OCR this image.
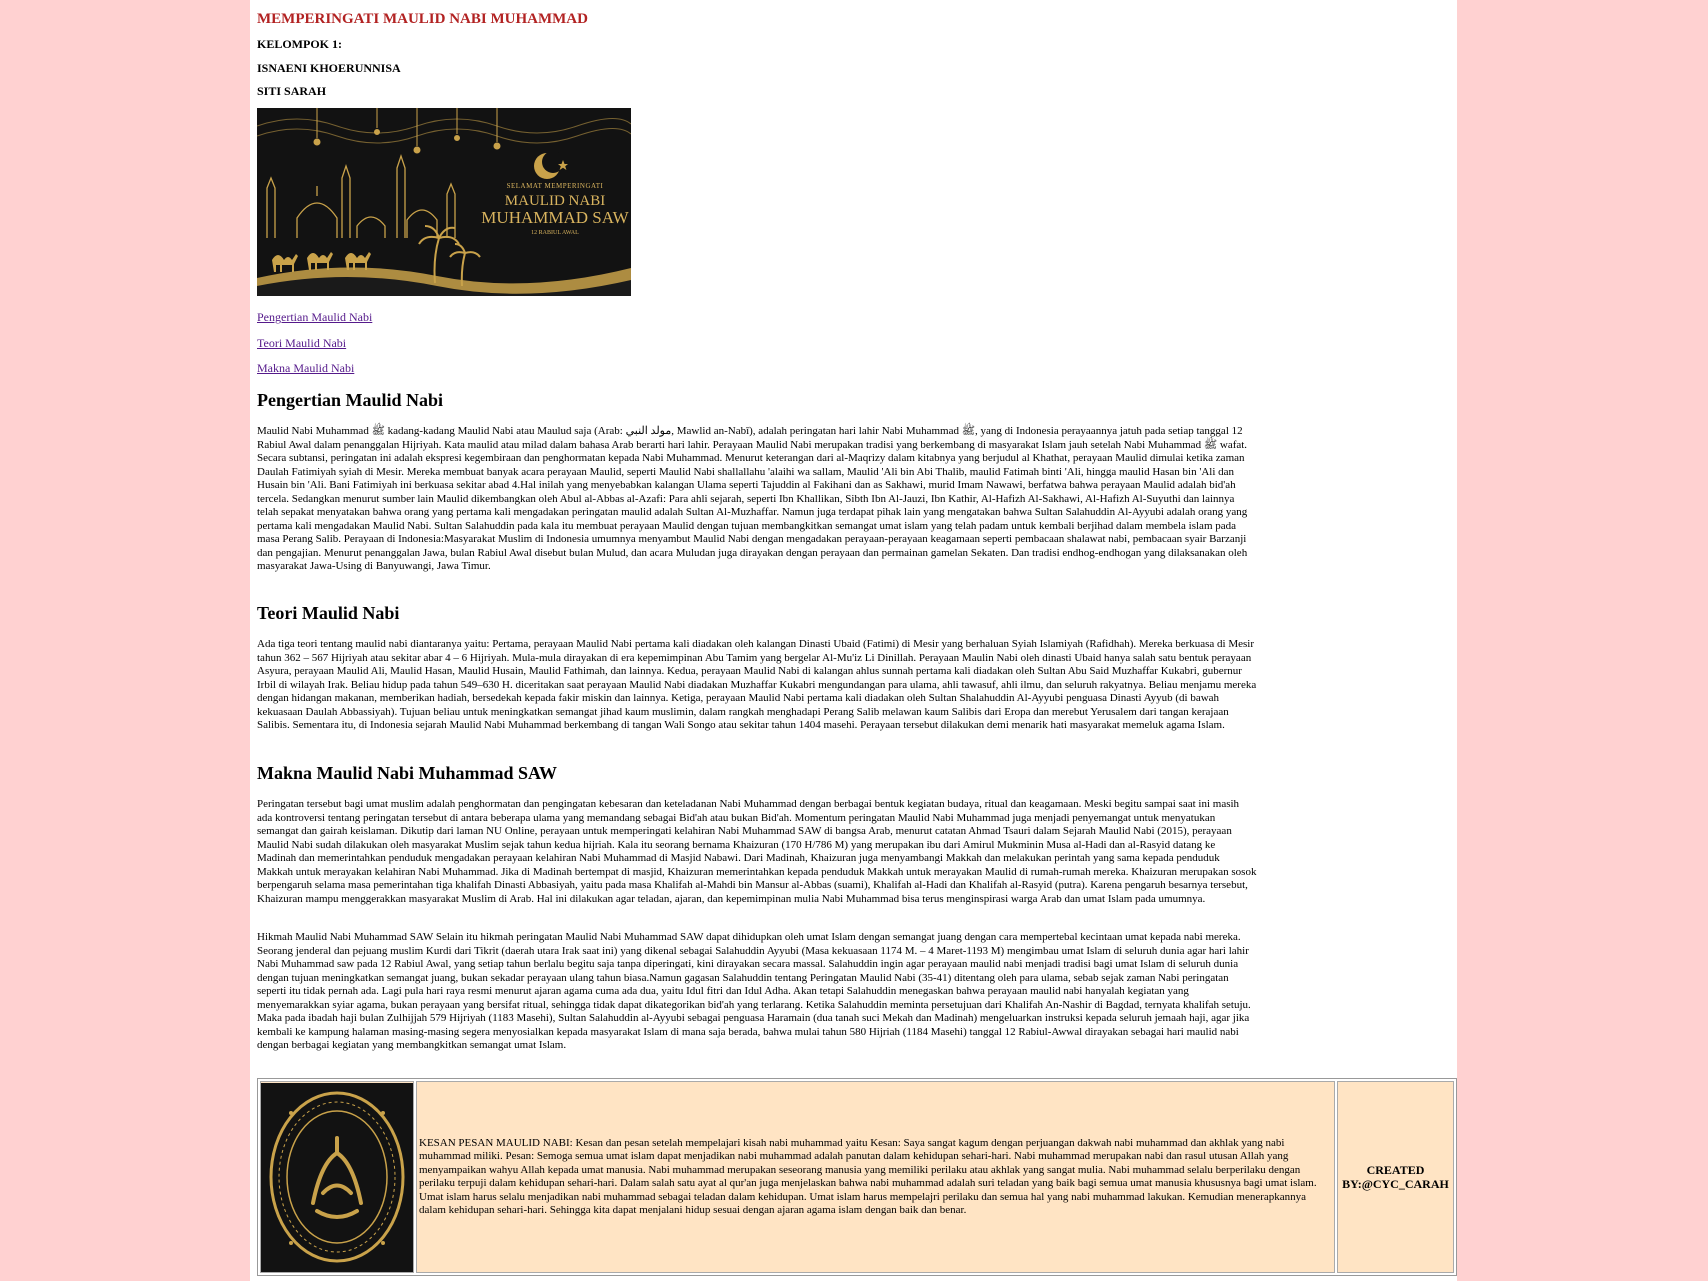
MEMPERINGATI MAULID NABI MUHAMMAD

KELOMPOK 1:

ISNAENI KHOERUNNISA

SITI SARAH

SELAMAT MEMPERINGATI
MAULID NABI
MUHAMMAD SAW
12 RABIUL AWAL
Pengertian Maulid Nabi
Teori Maulid Nabi
Makna Maulid Nabi
Pengertian Maulid Nabi

Maulid Nabi Muhammad ﷺ kadang-kadang Maulid Nabi atau Maulud saja (Arab: مولد النبي, Mawlid an-Nabī), adalah peringatan hari lahir Nabi Muhammad ﷺ, yang di Indonesia perayaannya jatuh pada setiap tanggal 12 Rabiul Awal dalam penanggalan Hijriyah. Kata maulid atau milad dalam bahasa Arab berarti hari lahir. Perayaan Maulid Nabi merupakan tradisi yang berkembang di masyarakat Islam jauh setelah Nabi Muhammad ﷺ wafat. Secara subtansi, peringatan ini adalah ekspresi kegembiraan dan penghormatan kepada Nabi Muhammad. Menurut keterangan dari al-Maqrizy dalam kitabnya yang berjudul al Khathat, perayaan Maulid dimulai ketika zaman Daulah Fatimiyah syiah di Mesir. Mereka membuat banyak acara perayaan Maulid, seperti Maulid Nabi shallallahu 'alaihi wa sallam, Maulid 'Ali bin Abi Thalib, maulid Fatimah binti 'Ali, hingga maulid Hasan bin 'Ali dan Husain bin 'Ali. Bani Fatimiyah ini berkuasa sekitar abad 4.Hal inilah yang menyebabkan kalangan Ulama seperti Tajuddin al Fakihani dan as Sakhawi, murid Imam Nawawi, berfatwa bahwa perayaan Maulid adalah bid'ah tercela. Sedangkan menurut sumber lain Maulid dikembangkan oleh Abul al-Abbas al-Azafi: Para ahli sejarah, seperti Ibn Khallikan, Sibth Ibn Al-Jauzi, Ibn Kathir, Al-Hafizh Al-Sakhawi, Al-Hafizh Al-Suyuthi dan lainnya telah sepakat menyatakan bahwa orang yang pertama kali mengadakan peringatan maulid adalah Sultan Al-Muzhaffar. Namun juga terdapat pihak lain yang mengatakan bahwa Sultan Salahuddin Al-Ayyubi adalah orang yang pertama kali mengadakan Maulid Nabi. Sultan Salahuddin pada kala itu membuat perayaan Maulid dengan tujuan membangkitkan semangat umat islam yang telah padam untuk kembali berjihad dalam membela islam pada masa Perang Salib. Perayaan di Indonesia:Masyarakat Muslim di Indonesia umumnya menyambut Maulid Nabi dengan mengadakan perayaan-perayaan keagamaan seperti pembacaan shalawat nabi, pembacaan syair Barzanji dan pengajian. Menurut penanggalan Jawa, bulan Rabiul Awal disebut bulan Mulud, dan acara Muludan juga dirayakan dengan perayaan dan permainan gamelan Sekaten. Dan tradisi endhog-endhogan yang dilaksanakan oleh masyarakat Jawa-Using di Banyuwangi, Jawa Timur.

Teori Maulid Nabi

Ada tiga teori tentang maulid nabi diantaranya yaitu: Pertama, perayaan Maulid Nabi pertama kali diadakan oleh kalangan Dinasti Ubaid (Fatimi) di Mesir yang berhaluan Syiah Islamiyah (Rafidhah). Mereka berkuasa di Mesir tahun 362 – 567 Hijriyah atau sekitar abar 4 – 6 Hijriyah. Mula-mula dirayakan di era kepemimpinan Abu Tamim yang bergelar Al-Mu'iz Li Dinillah. Perayaan Maulin Nabi oleh dinasti Ubaid hanya salah satu bentuk perayaan Asyura, perayaan Maulid Ali, Maulid Hasan, Maulid Husain, Maulid Fathimah, dan lainnya. Kedua, perayaan Maulid Nabi di kalangan ahlus sunnah pertama kali diadakan oleh Sultan Abu Said Muzhaffar Kukabri, gubernur Irbil di wilayah Irak. Beliau hidup pada tahun 549–630 H. diceritakan saat perayaan Maulid Nabi diadakan Muzhaffar Kukabri mengundangan para ulama, ahli tawasuf, ahli ilmu, dan seluruh rakyatnya. Beliau menjamu mereka dengan hidangan makanan, memberikan hadiah, bersedekah kepada fakir miskin dan lainnya. Ketiga, perayaan Maulid Nabi pertama kali diadakan oleh Sultan Shalahuddin Al-Ayyubi penguasa Dinasti Ayyub (di bawah kekuasaan Daulah Abbassiyah). Tujuan beliau untuk meningkatkan semangat jihad kaum muslimin, dalam rangkah menghadapi Perang Salib melawan kaum Salibis dari Eropa dan merebut Yerusalem dari tangan kerajaan Salibis. Sementara itu, di Indonesia sejarah Maulid Nabi Muhammad berkembang di tangan Wali Songo atau sekitar tahun 1404 masehi. Perayaan tersebut dilakukan demi menarik hati masyarakat memeluk agama Islam.

Makna Maulid Nabi Muhammad SAW

Peringatan tersebut bagi umat muslim adalah penghormatan dan pengingatan kebesaran dan keteladanan Nabi Muhammad dengan berbagai bentuk kegiatan budaya, ritual dan keagamaan. Meski begitu sampai saat ini masih ada kontroversi tentang peringatan tersebut di antara beberapa ulama yang memandang sebagai Bid'ah atau bukan Bid'ah. Momentum peringatan Maulid Nabi Muhammad juga menjadi penyemangat untuk menyatukan semangat dan gairah keislaman. Dikutip dari laman NU Online, perayaan untuk memperingati kelahiran Nabi Muhammad SAW di bangsa Arab, menurut catatan Ahmad Tsauri dalam Sejarah Maulid Nabi (2015), perayaan Maulid Nabi sudah dilakukan oleh masyarakat Muslim sejak tahun kedua hijriah. Kala itu seorang bernama Khaizuran (170 H/786 M) yang merupakan ibu dari Amirul Mukminin Musa al-Hadi dan al-Rasyid datang ke Madinah dan memerintahkan penduduk mengadakan perayaan kelahiran Nabi Muhammad di Masjid Nabawi. Dari Madinah, Khaizuran juga menyambangi Makkah dan melakukan perintah yang sama kepada penduduk Makkah untuk merayakan kelahiran Nabi Muhammad. Jika di Madinah bertempat di masjid, Khaizuran memerintahkan kepada penduduk Makkah untuk merayakan Maulid di rumah-rumah mereka. Khaizuran merupakan sosok berpengaruh selama masa pemerintahan tiga khalifah Dinasti Abbasiyah, yaitu pada masa Khalifah al-Mahdi bin Mansur al-Abbas (suami), Khalifah al-Hadi dan Khalifah al-Rasyid (putra). Karena pengaruh besarnya tersebut, Khaizuran mampu menggerakkan masyarakat Muslim di Arab. Hal ini dilakukan agar teladan, ajaran, dan kepemimpinan mulia Nabi Muhammad bisa terus menginspirasi warga Arab dan umat Islam pada umumnya.

Hikmah Maulid Nabi Muhammad SAW Selain itu hikmah peringatan Maulid Nabi Muhammad SAW dapat dihidupkan oleh umat Islam dengan semangat juang dengan cara mempertebal kecintaan umat kepada nabi mereka. Seorang jenderal dan pejuang muslim Kurdi dari Tikrit (daerah utara Irak saat ini) yang dikenal sebagai Salahuddin Ayyubi (Masa kekuasaan 1174 M. – 4 Maret-1193 M) mengimbau umat Islam di seluruh dunia agar hari lahir Nabi Muhammad saw pada 12 Rabiul Awal, yang setiap tahun berlalu begitu saja tanpa diperingati, kini dirayakan secara massal. Salahuddin ingin agar perayaan maulid nabi menjadi tradisi bagi umat Islam di seluruh dunia dengan tujuan meningkatkan semangat juang, bukan sekadar perayaan ulang tahun biasa.Namun gagasan Salahuddin tentang Peringatan Maulid Nabi (35-41) ditentang oleh para ulama, sebab sejak zaman Nabi peringatan seperti itu tidak pernah ada. Lagi pula hari raya resmi menurut ajaran agama cuma ada dua, yaitu Idul fitri dan Idul Adha. Akan tetapi Salahuddin menegaskan bahwa perayaan maulid nabi hanyalah kegiatan yang menyemarakkan syiar agama, bukan perayaan yang bersifat ritual, sehingga tidak dapat dikategorikan bid'ah yang terlarang. Ketika Salahuddin meminta persetujuan dari Khalifah An-Nashir di Bagdad, ternyata khalifah setuju. Maka pada ibadah haji bulan Zulhijjah 579 Hijriyah (1183 Masehi), Sultan Salahuddin al-Ayyubi sebagai penguasa Haramain (dua tanah suci Mekah dan Madinah) mengeluarkan instruksi kepada seluruh jemaah haji, agar jika kembali ke kampung halaman masing-masing segera menyosialkan kepada masyarakat Islam di mana saja berada, bahwa mulai tahun 580 Hijriah (1184 Masehi) tanggal 12 Rabiul-Awwal dirayakan sebagai hari maulid nabi dengan berbagai kegiatan yang membangkitkan semangat umat Islam.

	KESAN PESAN MAULID NABI: Kesan dan pesan setelah mempelajari kisah nabi muhammad yaitu Kesan: Saya sangat kagum dengan perjuangan dakwah nabi muhammad dan akhlak yang nabi muhammad miliki. Pesan: Semoga semua umat islam dapat menjadikan nabi muhammad adalah panutan dalam kehidupan sehari-hari. Nabi muhammad merupakan nabi dan rasul utusan Allah yang menyampaikan wahyu Allah kepada umat manusia. Nabi muhammad merupakan seseorang manusia yang memiliki perilaku atau akhlak yang sangat mulia. Nabi muhammad selalu berperilaku dengan perilaku terpuji dalam kehidupan sehari-hari. Dalam salah satu ayat al qur'an juga menjelaskan bahwa nabi muhammad adalah suri teladan yang baik bagi semua umat manusia khususnya bagi umat islam. Umat islam harus selalu menjadikan nabi muhammad sebagai teladan dalam kehidupan. Umat islam harus mempelajri perilaku dan semua hal yang nabi muhammad lakukan. Kemudian menerapkannya dalam kehidupan sehari-hari. Sehingga kita dapat menjalani hidup sesuai dengan ajaran agama islam dengan baik dan benar.	CREATED
BY:@CYC_CARAH
